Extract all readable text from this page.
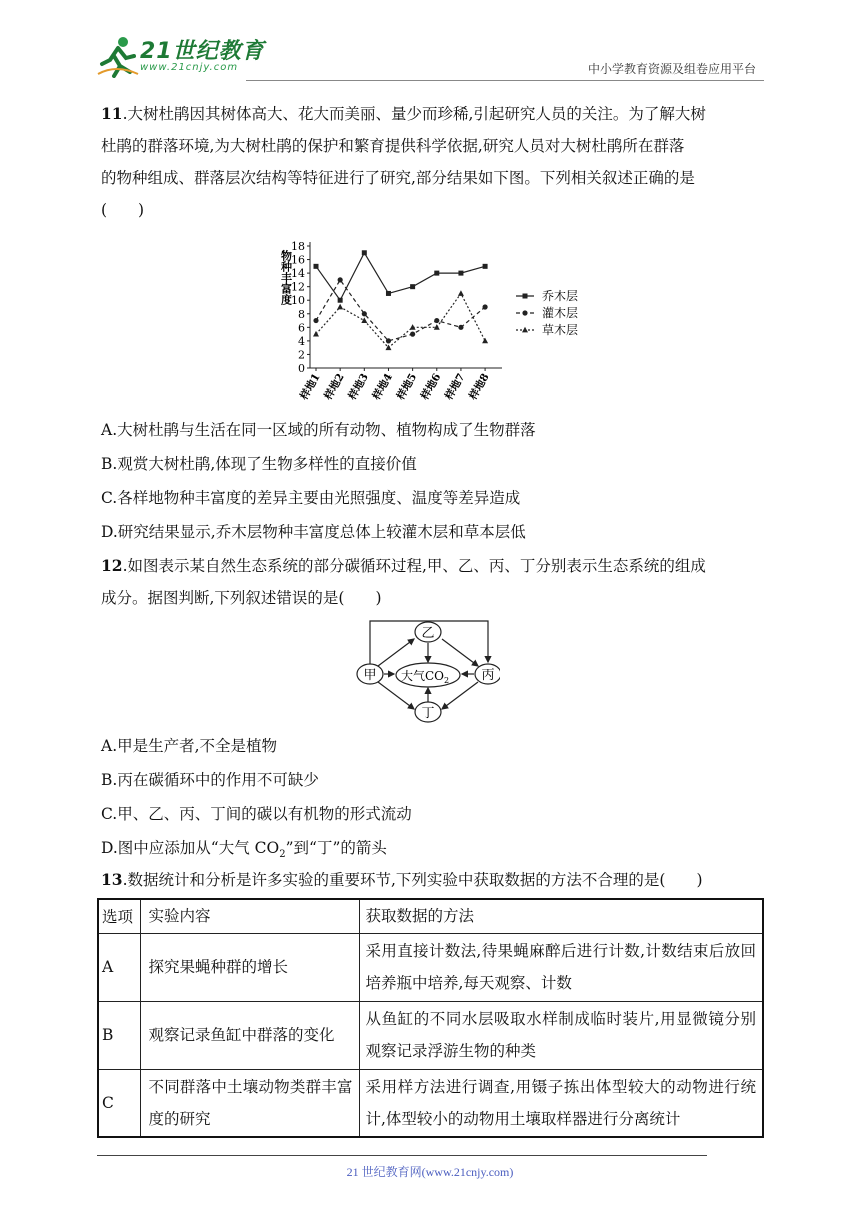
21世纪教育
www.21cnjy.com	中小学教育资源及组卷应用平台
11.大树杜鹃因其树体高大、花大而美丽、量少而珍稀,引起研究人员的关注。为了解大树
杜鹃的群落环境,为大树杜鹃的保护和繁育提供科学依据,研究人员对大树杜鹃所在群落
的物种组成、群落层次结构等特征进行了研究,部分结果如下图。下列相关叙述正确的是
(　　)
物种丰富度
0
2
4
6
8
10
12
14
16
18
样地1 样地2 样地3 样地4 样地5 样地6 样地7 样地8
乔木层
灌木层
草木层
A.大树杜鹃与生活在同一区域的所有动物、植物构成了生物群落
B.观赏大树杜鹃,体现了生物多样性的直接价值
C.各样地物种丰富度的差异主要由光照强度、温度等差异造成
D.研究结果显示,乔木层物种丰富度总体上较灌木层和草本层低
12.如图表示某自然生态系统的部分碳循环过程,甲、乙、丙、丁分别表示生态系统的组成
成分。据图判断,下列叙述错误的是(　　)
甲
乙
丙
丁
大气$CO_2$
A.甲是生产者,不全是植物
B.丙在碳循环中的作用不可缺少
C.甲、乙、丙、丁间的碳以有机物的形式流动
D.图中应添加从“大气 $CO_2$”到“丁”的箭头
13.数据统计和分析是许多实验的重要环节,下列实验中获取数据的方法不合理的是(　　)
选项	实验内容	获取数据的方法
A	探究果蝇种群的增长	采用直接计数法,待果蝇麻醉后进行计数,计数结束后放回培养瓶中培养,每天观察、计数
B	观察记录鱼缸中群落的变化	从鱼缸的不同水层吸取水样制成临时装片,用显微镜分别观察记录浮游生物的种类
C	不同群落中土壤动物类群丰富度的研究	采用样方法进行调查,用镊子拣出体型较大的动物进行统计,体型较小的动物用土壤取样器进行分离统计
21 世纪教育网(www.21cnjy.com)
